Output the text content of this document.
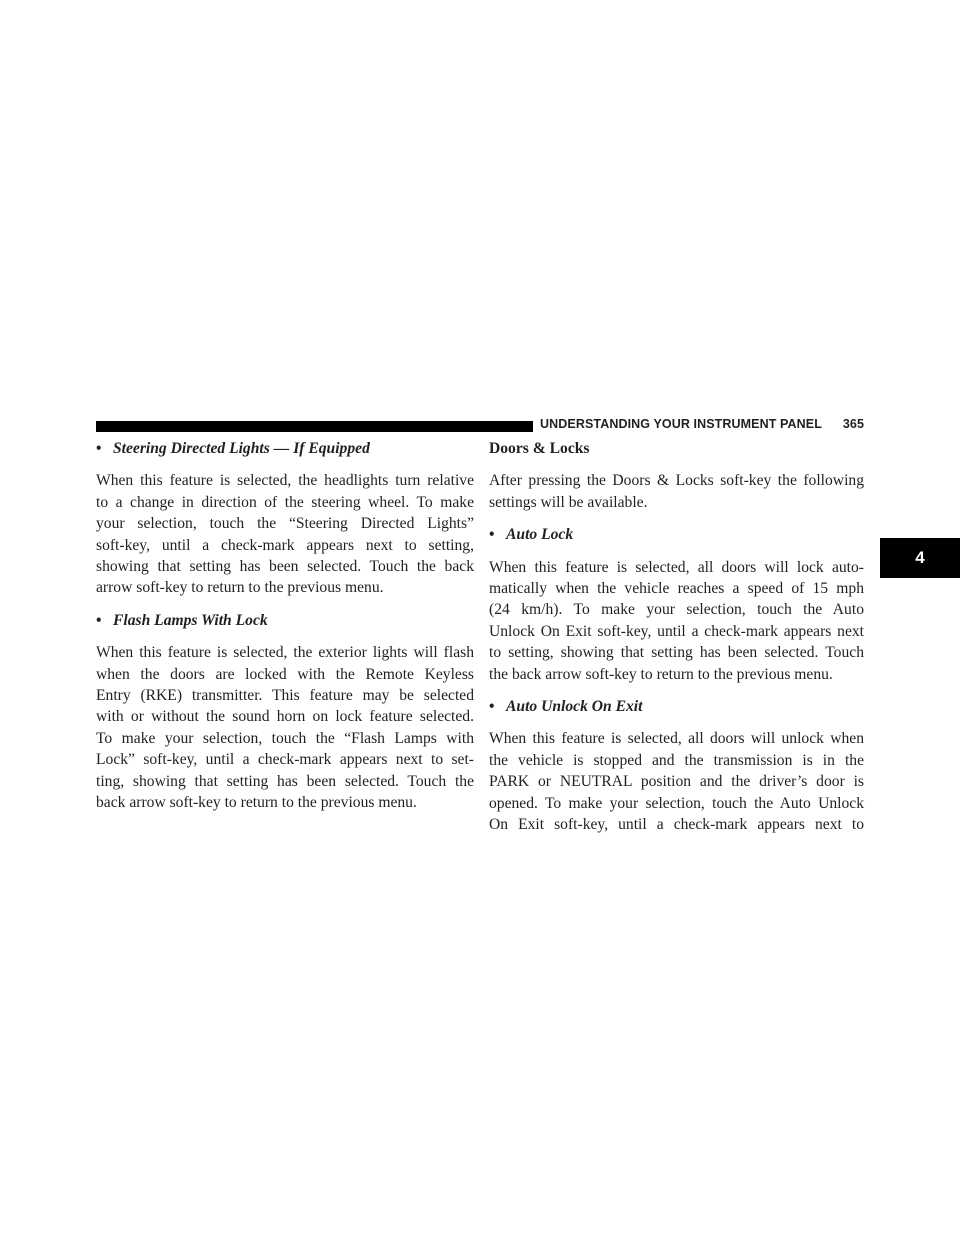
UNDERSTANDING YOUR INSTRUMENT PANEL 365
4
• Steering Directed Lights — If Equipped
When this feature is selected, the headlights turn relative
to a change in direction of the steering wheel. To make
your selection, touch the “Steering Directed Lights”
soft-key, until a check-mark appears next to setting,
showing that setting has been selected. Touch the back
arrow soft-key to return to the previous menu.
• Flash Lamps With Lock
When this feature is selected, the exterior lights will flash
when the doors are locked with the Remote Keyless
Entry (RKE) transmitter. This feature may be selected
with or without the sound horn on lock feature selected.
To make your selection, touch the “Flash Lamps with
Lock” soft-key, until a check-mark appears next to set-
ting, showing that setting has been selected. Touch the
back arrow soft-key to return to the previous menu.
Doors & Locks
After pressing the Doors & Locks soft-key the following
settings will be available.
• Auto Lock
When this feature is selected, all doors will lock auto-
matically when the vehicle reaches a speed of 15 mph
(24 km/h). To make your selection, touch the Auto
Unlock On Exit soft-key, until a check-mark appears next
to setting, showing that setting has been selected. Touch
the back arrow soft-key to return to the previous menu.
• Auto Unlock On Exit
When this feature is selected, all doors will unlock when
the vehicle is stopped and the transmission is in the
PARK or NEUTRAL position and the driver’s door is
opened. To make your selection, touch the Auto Unlock
On Exit soft-key, until a check-mark appears next to
